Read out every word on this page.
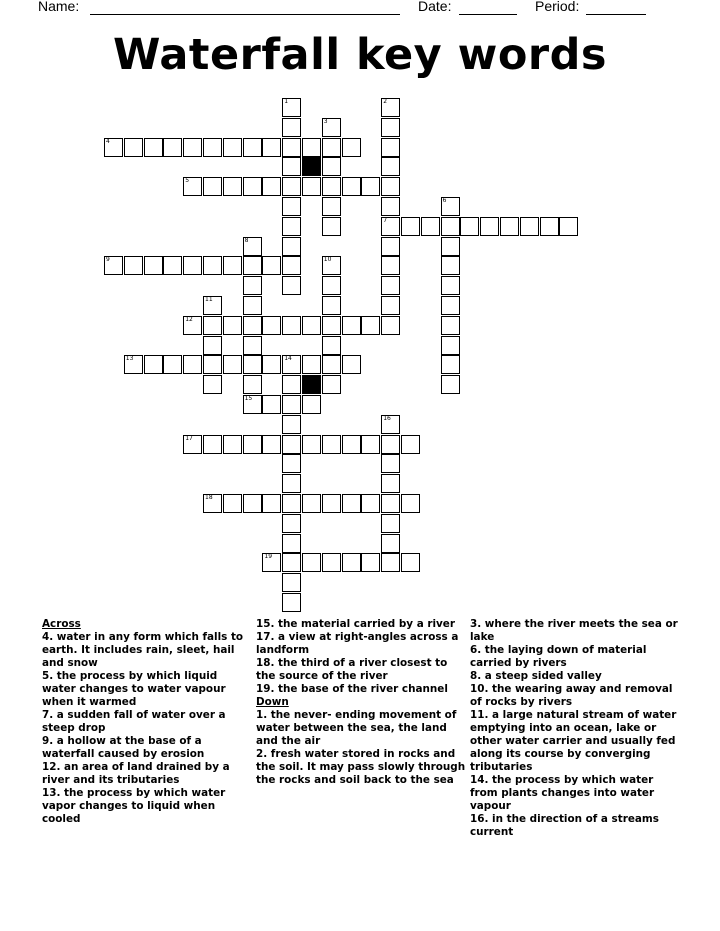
Name:	Date:	Period:
Waterfall key words
4
5
7
9
12
13	14
15
17
18
19
1	2
3
6
8
10
11
16
Across
4. water in any form which falls to earth. It includes rain, sleet, hail and snow
5. the process by which liquid water changes to water vapour when it warmed
7. a sudden fall of water over a steep drop
9. a hollow at the base of a waterfall caused by erosion
12. an area of land drained by a river and its tributaries
13. the process by which water vapor changes to liquid when cooled
15. the material carried by a river
17. a view at right-angles across a landform
18. the third of a river closest to the source of the river
19. the base of the river channel
Down
1. the never- ending movement of water between the sea, the land and the air
2. fresh water stored in rocks and the soil. It may pass slowly through the rocks and soil back to the sea
3. where the river meets the sea or lake
6. the laying down of material carried by rivers
8. a steep sided valley
10. the wearing away and removal of rocks by rivers
11. a large natural stream of water emptying into an ocean, lake or other water carrier and usually fed along its course by converging tributaries
14. the process by which water from plants changes into water vapour
16. in the direction of a streams current
